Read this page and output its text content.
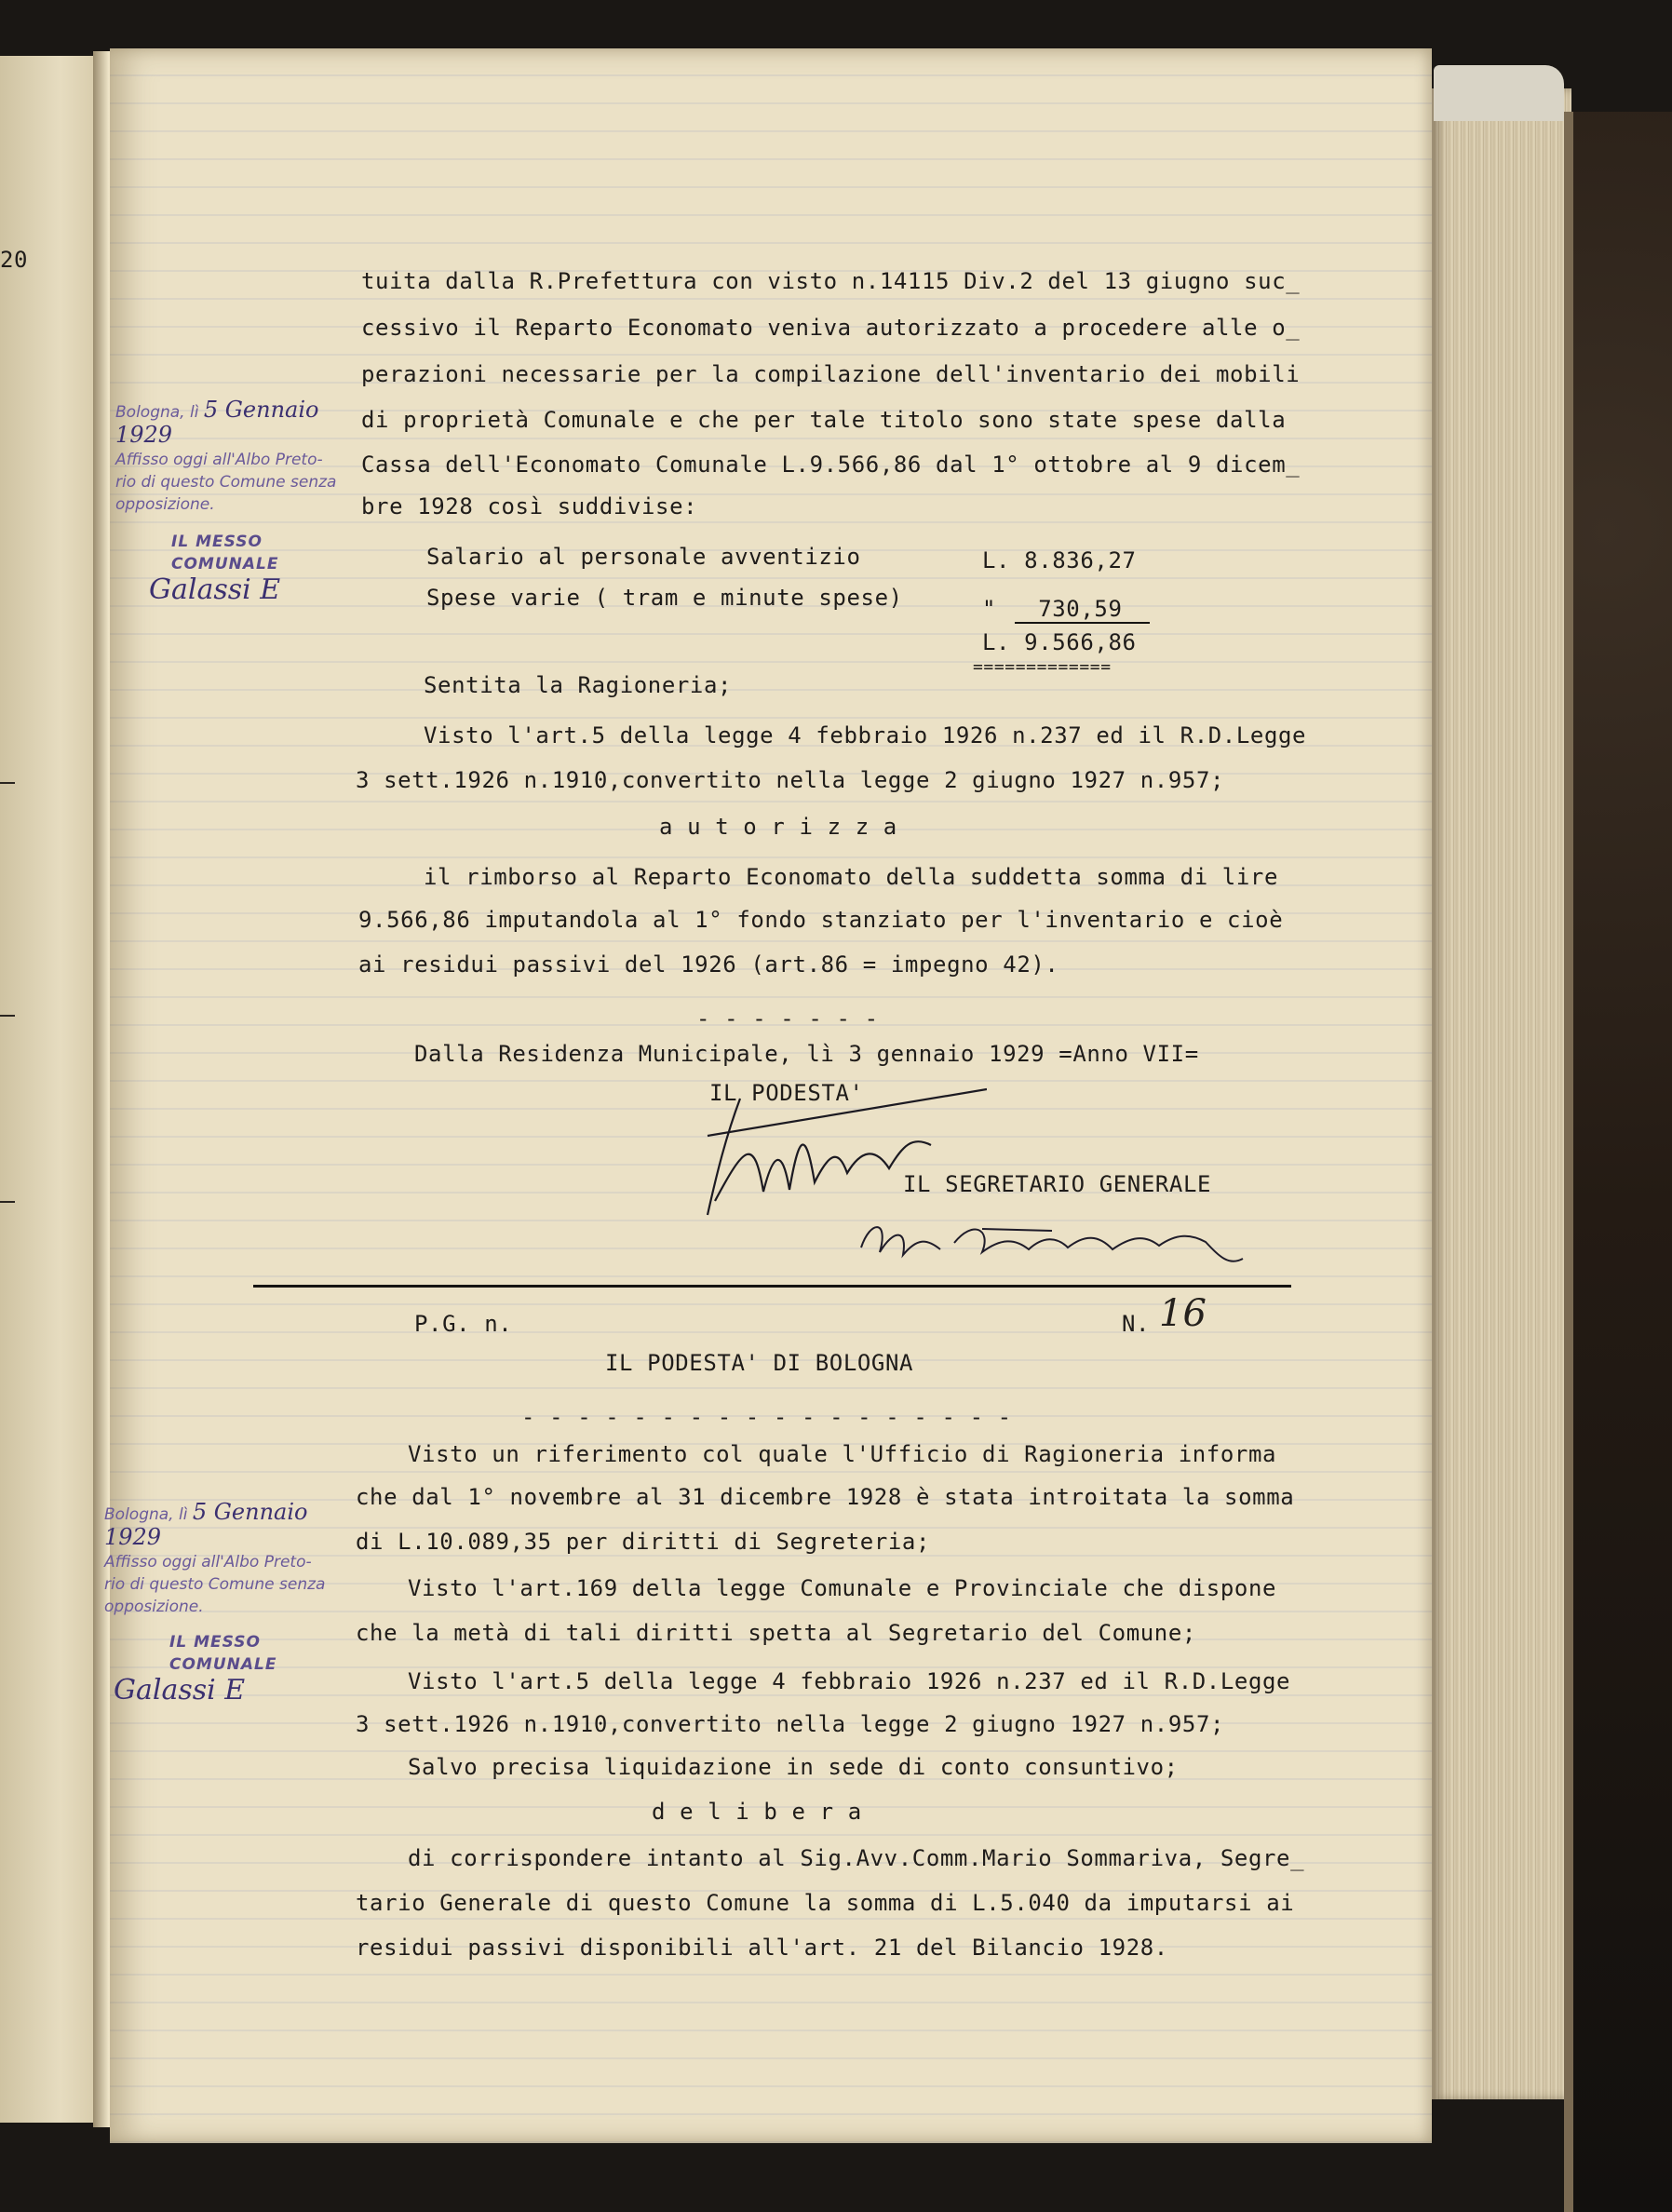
20
tuita dalla R.Prefettura con visto n.14115 Div.2 del 13 giugno suc_
cessivo il Reparto Economato veniva autorizzato a procedere alle o_
perazioni necessarie per la compilazione dell'inventario dei mobili
di proprietà Comunale e che per tale titolo sono state spese dalla
Cassa dell'Economato Comunale L.9.566,86 dal 1° ottobre al 9 dicem_
bre 1928 così suddivise:
Salario al personale avventizio	L. 8.836,27
Spese varie ( tram e minute spese)	"   730,59
L. 9.566,86
=============
Sentita la Ragioneria;
Visto l'art.5 della legge 4 febbraio 1926 n.237 ed il R.D.Legge
3 sett.1926 n.1910,convertito nella legge 2 giugno 1927 n.957;
a u t o r i z z a
il rimborso al Reparto Economato della suddetta somma di lire
9.566,86 imputandola al 1° fondo stanziato per l'inventario e cioè
ai residui passivi del 1926 (art.86 = impegno 42).
- - - - - - -
Dalla Residenza Municipale, lì 3 gennaio 1929 =Anno VII=
IL PODESTA'
IL SEGRETARIO GENERALE
Bologna, lì 5 Gennaio 1929
Affisso oggi all'Albo Preto-
rio di questo Comune senza
opposizione.
IL MESSO COMUNALE
Galassi E
P.G. n.	N. 16
IL PODESTA' DI BOLOGNA
- - - - - - - - - - - - - - - - - -
Visto un riferimento col quale l'Ufficio di Ragioneria informa
che dal 1° novembre al 31 dicembre 1928 è stata introitata la somma
di L.10.089,35 per diritti di Segreteria;
Visto l'art.169 della legge Comunale e Provinciale che dispone
che la metà di tali diritti spetta al Segretario del Comune;
Visto l'art.5 della legge 4 febbraio 1926 n.237 ed il R.D.Legge
3 sett.1926 n.1910,convertito nella legge 2 giugno 1927 n.957;
Salvo precisa liquidazione in sede di conto consuntivo;
d e l i b e r a
di corrispondere intanto al Sig.Avv.Comm.Mario Sommariva, Segre_
tario Generale di questo Comune la somma di L.5.040 da imputarsi ai
residui passivi disponibili all'art. 21 del Bilancio 1928.
Bologna, lì 5 Gennaio 1929
Affisso oggi all'Albo Preto-
rio di questo Comune senza
opposizione.
IL MESSO COMUNALE
Galassi E
